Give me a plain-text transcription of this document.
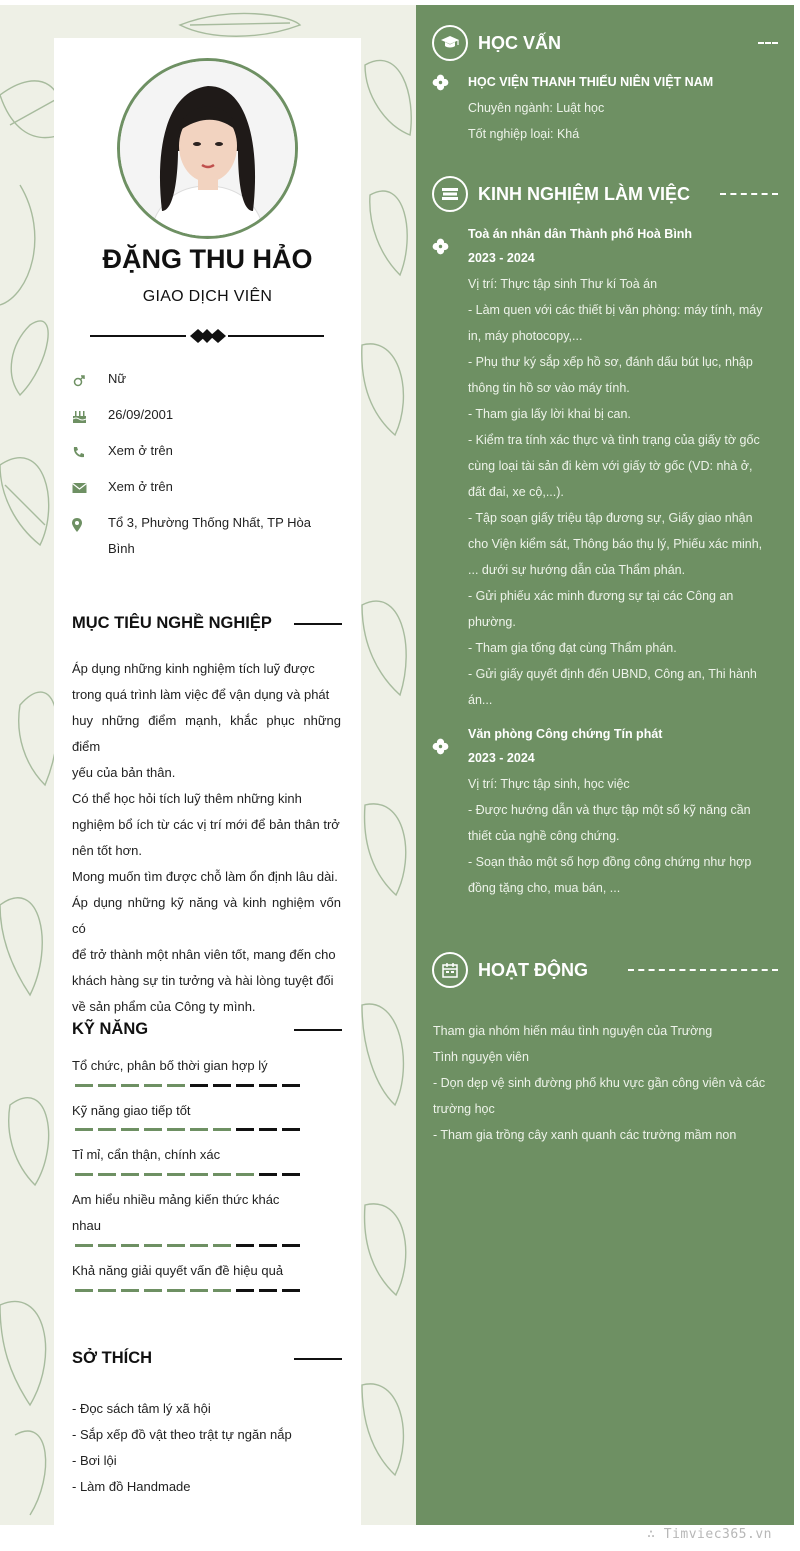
ĐẶNG THU HẢO
GIAO DỊCH VIÊN
Nữ
26/09/2001
Xem ở trên
Xem ở trên
Tổ 3, Phường Thống Nhất, TP Hòa
Bình
MỤC TIÊU NGHỀ NGHIỆP
Áp dụng những kinh nghiệm tích luỹ được
trong quá trình làm việc để vận dụng và phát
huy những điểm mạnh, khắc phục những điểm
yếu của bản thân.
Có thể học hỏi tích luỹ thêm những kinh
nghiệm bổ ích từ các vị trí mới để bản thân trở
nên tốt hơn.
Mong muốn tìm được chỗ làm ổn định lâu dài.
Áp dụng những kỹ năng và kinh nghiệm vốn có
để trở thành một nhân viên tốt, mang đến cho
khách hàng sự tin tưởng và hài lòng tuyệt đối
về sản phẩm của Công ty mình.
KỸ NĂNG
Tổ chức, phân bố thời gian hợp lý
Kỹ năng giao tiếp tốt
Tỉ mỉ, cẩn thận, chính xác
Am hiểu nhiều mảng kiến thức khác
nhau
Khả năng giải quyết vấn đề hiệu quả
SỞ THÍCH
- Đọc sách tâm lý xã hội
- Sắp xếp đồ vật theo trật tự ngăn nắp
- Bơi lội
- Làm đồ Handmade
HỌC VẤN
HỌC VIỆN THANH THIẾU NIÊN VIỆT NAM
Chuyên ngành: Luật học
Tốt nghiệp loại: Khá
KINH NGHIỆM LÀM VIỆC
Toà án nhân dân Thành phố Hoà Bình
2023 - 2024
Vị trí: Thực tập sinh Thư kí Toà án
- Làm quen với các thiết bị văn phòng: máy tính, máy
in, máy photocopy,...
- Phụ thư ký sắp xếp hồ sơ, đánh dấu bút lục, nhập
thông tin hồ sơ vào máy tính.
- Tham gia lấy lời khai bị can.
- Kiểm tra tính xác thực và tình trạng của giấy tờ gốc
cùng loại tài sản đi kèm với giấy tờ gốc (VD: nhà ở,
đất đai, xe cộ,...).
- Tập soạn giấy triệu tập đương sự, Giấy giao nhận
cho Viện kiểm sát, Thông báo thụ lý, Phiếu xác minh,
... dưới sự hướng dẫn của Thẩm phán.
- Gửi phiếu xác minh đương sự tại các Công an
phường.
- Tham gia tống đạt cùng Thẩm phán.
- Gửi giấy quyết định đến UBND, Công an, Thi hành
án...
Văn phòng Công chứng Tín phát
2023 - 2024
Vị trí: Thực tập sinh, học việc
- Được hướng dẫn và thực tập một số kỹ năng cần
thiết của nghề công chứng.
- Soạn thảo một số hợp đồng công chứng như hợp
đồng tặng cho, mua bán, ...
HOẠT ĐỘNG
Tham gia nhóm hiến máu tình nguyện của Trường
Tình nguyện viên
- Dọn dẹp vệ sinh đường phố khu vực gần công viên và các
trường học
- Tham gia trồng cây xanh quanh các trường mầm non
∴ Timviec365.vn
